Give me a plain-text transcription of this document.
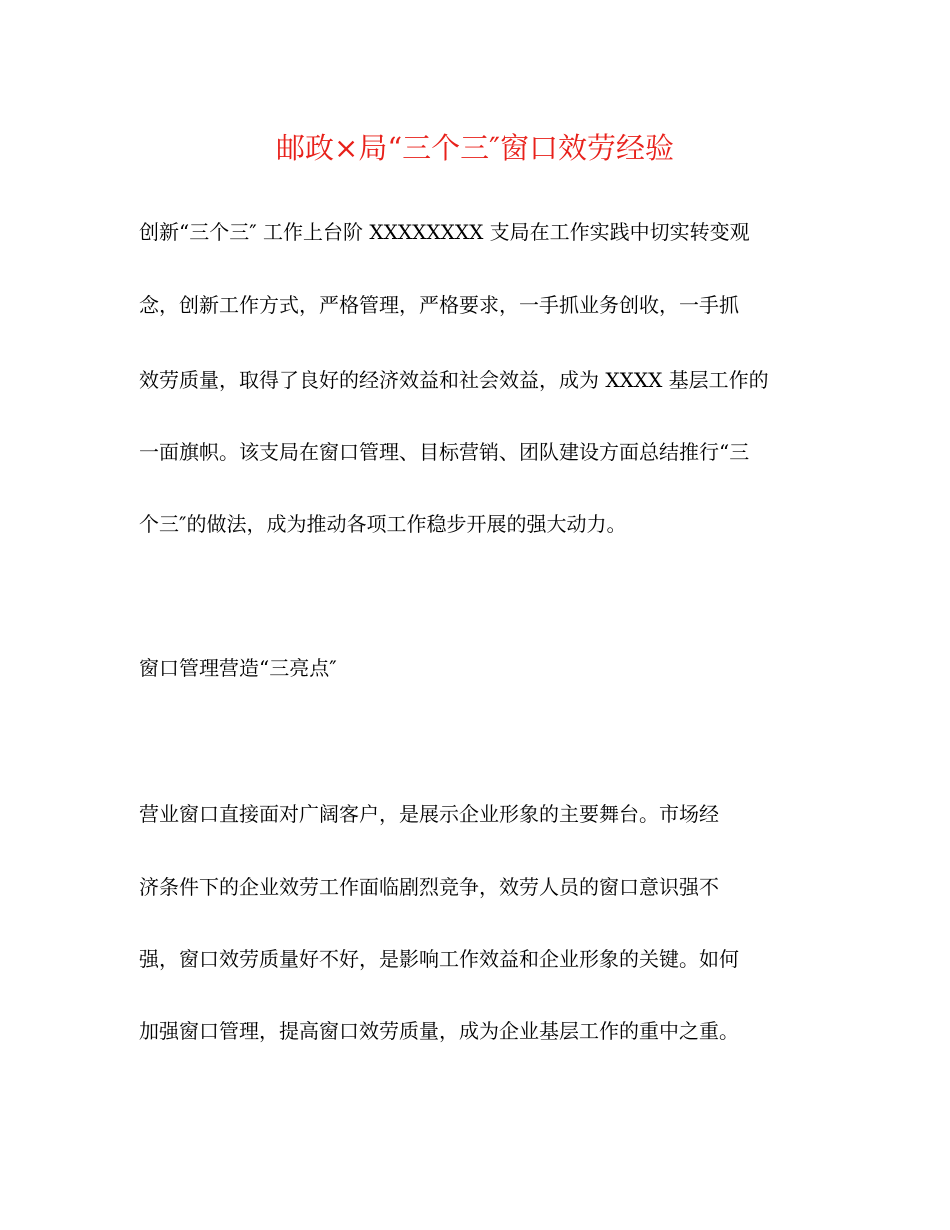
邮政×局“三个三″窗口效劳经验
创新“三个三″ 工作上台阶 XXXXXXXX 支局在工作实践中切实转变观
念，创新工作方式，严格管理，严格要求，一手抓业务创收，一手抓
效劳质量，取得了良好的经济效益和社会效益，成为 XXXX 基层工作的
一面旗帜。该支局在窗口管理、目标营销、团队建设方面总结推行“三
个三″的做法，成为推动各项工作稳步开展的强大动力。
窗口管理营造“三亮点″
营业窗口直接面对广阔客户，是展示企业形象的主要舞台。市场经
济条件下的企业效劳工作面临剧烈竞争，效劳人员的窗口意识强不
强，窗口效劳质量好不好，是影响工作效益和企业形象的关键。如何
加强窗口管理，提高窗口效劳质量，成为企业基层工作的重中之重。
